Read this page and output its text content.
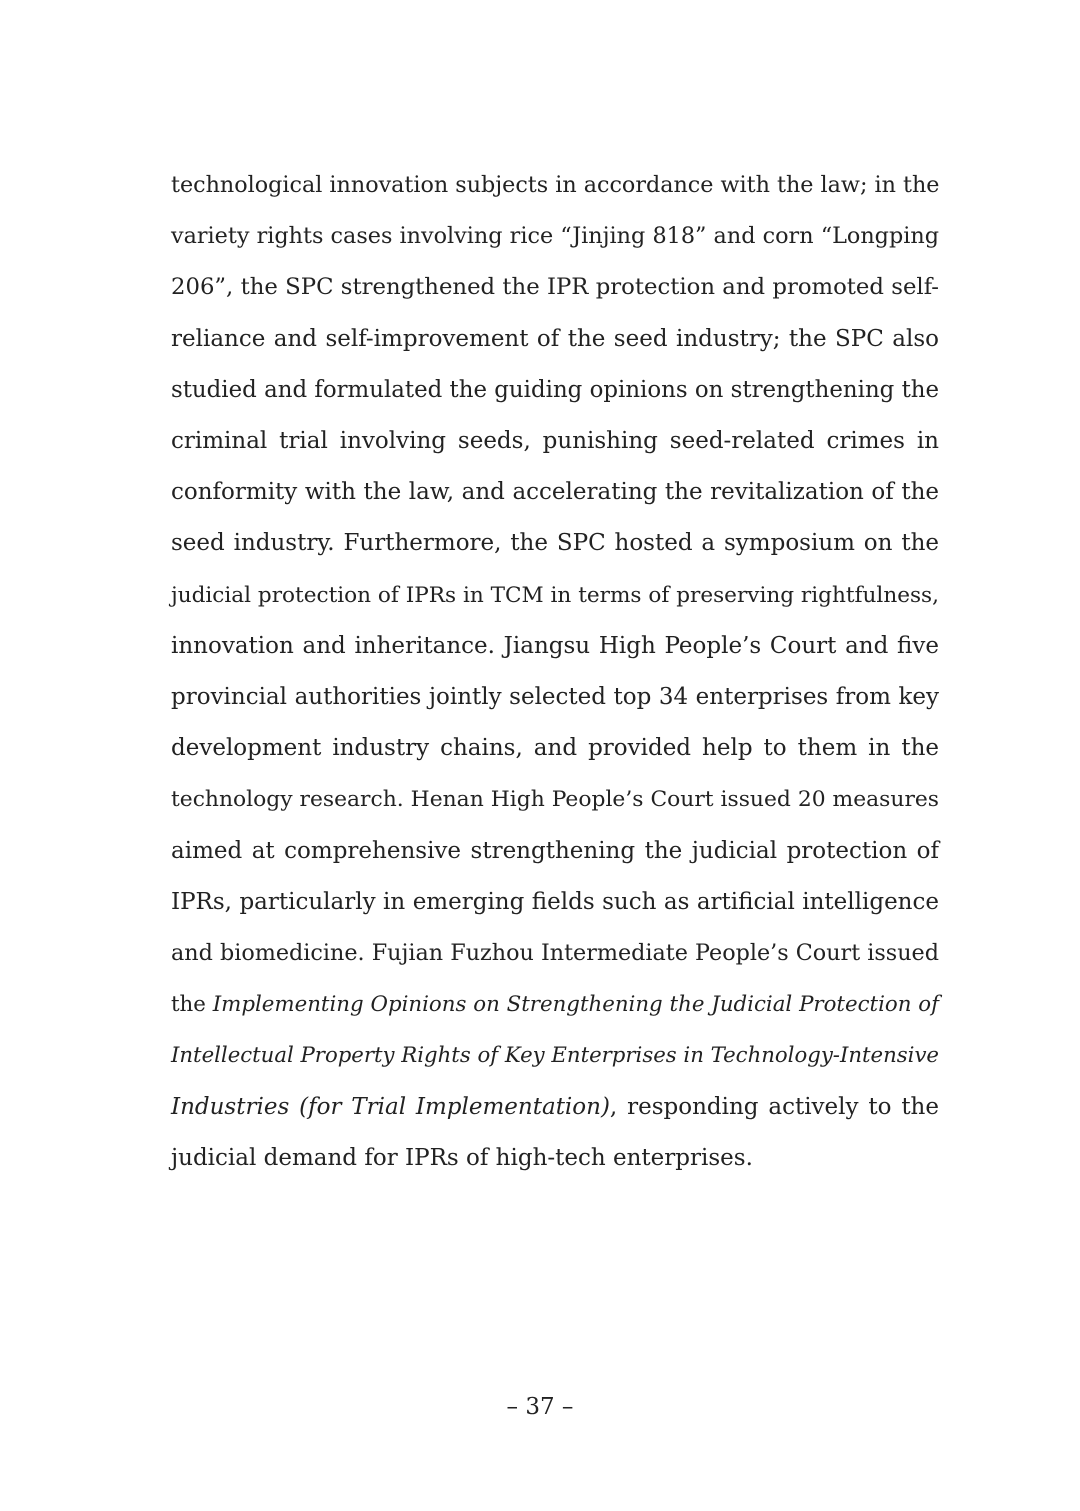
technological innovation subjects in accordance with the law; in the
variety rights cases involving rice “Jinjing 818” and corn “Longping
206”, the SPC strengthened the IPR protection and promoted self-
reliance and self-improvement of the seed industry; the SPC also
studied and formulated the guiding opinions on strengthening the
criminal trial involving seeds, punishing seed-related crimes in
conformity with the law, and accelerating the revitalization of the
seed industry. Furthermore, the SPC hosted a symposium on the
judicial protection of IPRs in TCM in terms of preserving rightfulness,
innovation and inheritance. Jiangsu High People’s Court and five
provincial authorities jointly selected top 34 enterprises from key
development industry chains, and provided help to them in the
technology research. Henan High People’s Court issued 20 measures
aimed at comprehensive strengthening the judicial protection of
IPRs, particularly in emerging fields such as artificial intelligence
and biomedicine. Fujian Fuzhou Intermediate People’s Court issued
the Implementing Opinions on Strengthening the Judicial Protection of
Intellectual Property Rights of Key Enterprises in Technology-Intensive
Industries (for Trial Implementation), responding actively to the
judicial demand for IPRs of high-tech enterprises.
– 37 –
